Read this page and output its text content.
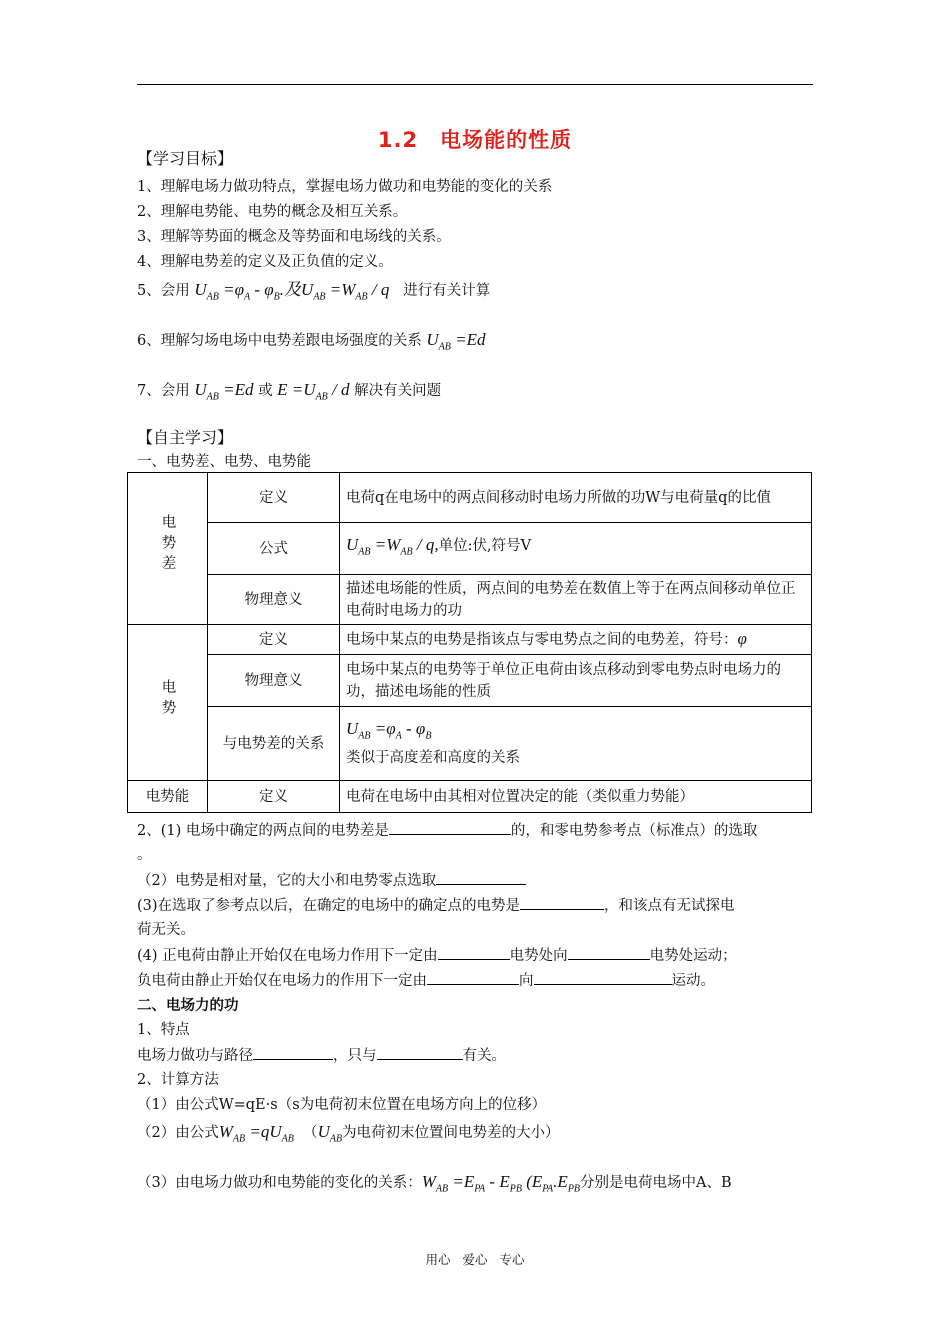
1.2　电场能的性质
【学习目标】
1、理解电场力做功特点，掌握电场力做功和电势能的变化的关系
2、理解电势能、电势的概念及相互关系。
3、理解等势面的概念及等势面和电场线的关系。
4、理解电势差的定义及正负值的定义。
5、会用 $U_{AB} =\varphi_A - \varphi_B$.及$U_{AB} =W_{AB} / q$ 进行有关计算
6、理解匀场电场中电势差跟电场强度的关系 $U_{AB} =Ed$
7、会用 $U_{AB} =Ed$ 或 $E =U_{AB} / d$ 解决有关问题
【自主学习】
一、电势差、电势、电势能
电势差	定义	电荷q在电场中的两点间移动时电场力所做的功W与电荷量q的比值
	公式	$U_{AB} =W_{AB} / q$,单位:伏,符号V
	物理意义	描述电场能的性质，两点间的电势差在数值上等于在两点间移动单位正电荷时电场力的功
电势	定义	电场中某点的电势是指该点与零电势点之间的电势差，符号：φ
	物理意义	电场中某点的电势等于单位正电荷由该点移动到零电势点时电场力的功，描述电场能的性质
	与电势差的关系	$U_{AB} =\varphi_A - \varphi_B$
类似于高度差和高度的关系

电势能	定义	电荷在电场中由其相对位置决定的能（类似重力势能）
2、(1) 电场中确定的两点间的电势差是	的，和零电势参考点（标准点）的选取
。
（2）电势是相对量，它的大小和电势零点选取
(3)在选取了参考点以后，在确定的电场中的确定点的电势是	，和该点有无试探电
荷无关。
(4) 正电荷由静止开始仅在电场力作用下一定由	电势处向	电势处运动；
负电荷由静止开始仅在电场力的作用下一定由	向	运动。
二、电场力的功
1、特点
电场力做功与路径	，只与	有关。
2、计算方法
（1）由公式W=qE·s（s为电荷初末位置在电场方向上的位移）
（2）由公式$W_{AB} =qU_{AB}$  （$U_{AB}$为电荷初末位置间电势差的大小）
（3）由电场力做功和电势能的变化的关系：$W_{AB} =E_{PA} - E_{PB}$ ($E_{PA}.E_{PB}$分别是电荷电场中A、B
用心 爱心 专心
